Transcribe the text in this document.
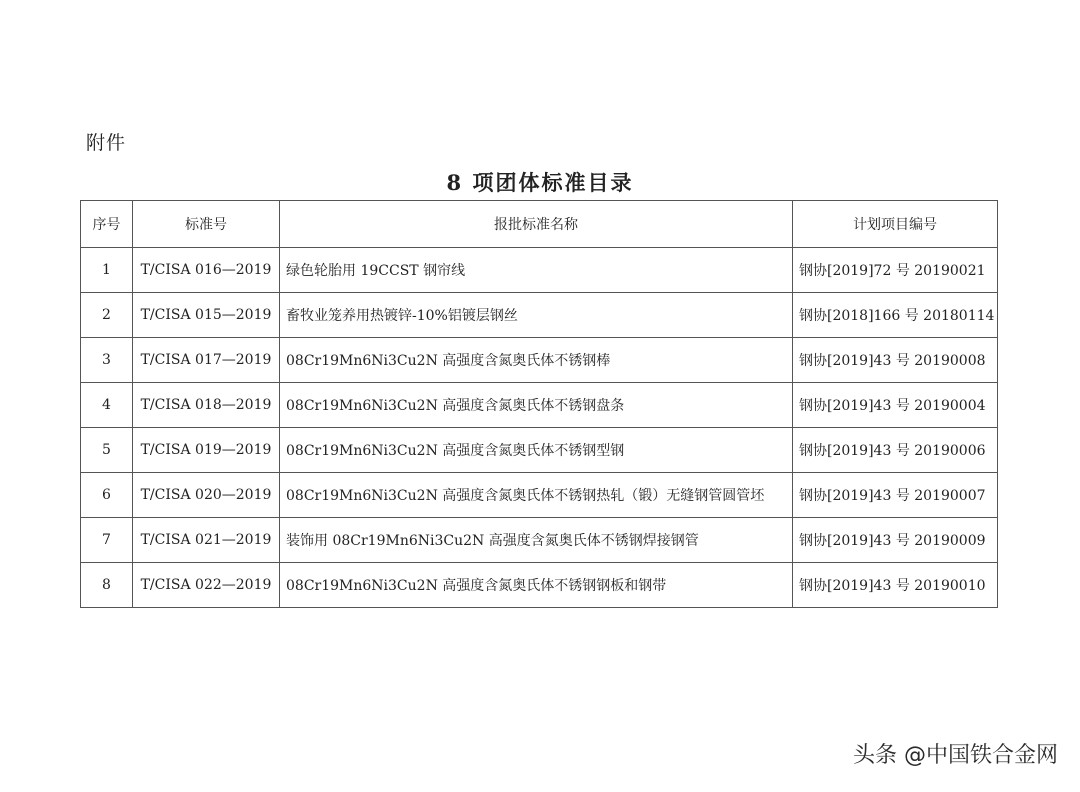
附件
8 项团体标准目录
序号	标准号	报批标准名称	计划项目编号
1	T/CISA 016—2019	绿色轮胎用 19CCST 钢帘线	钢协[2019]72 号 20190021
2	T/CISA 015—2019	畜牧业笼养用热镀锌-10%铝镀层钢丝	钢协[2018]166 号 20180114
3	T/CISA 017—2019	08Cr19Mn6Ni3Cu2N 高强度含氮奥氏体不锈钢棒	钢协[2019]43 号 20190008
4	T/CISA 018—2019	08Cr19Mn6Ni3Cu2N 高强度含氮奥氏体不锈钢盘条	钢协[2019]43 号 20190004
5	T/CISA 019—2019	08Cr19Mn6Ni3Cu2N 高强度含氮奥氏体不锈钢型钢	钢协[2019]43 号 20190006
6	T/CISA 020—2019	08Cr19Mn6Ni3Cu2N 高强度含氮奥氏体不锈钢热轧（锻）无缝钢管圆管坯	钢协[2019]43 号 20190007
7	T/CISA 021—2019	装饰用 08Cr19Mn6Ni3Cu2N 高强度含氮奥氏体不锈钢焊接钢管	钢协[2019]43 号 20190009
8	T/CISA 022—2019	08Cr19Mn6Ni3Cu2N 高强度含氮奥氏体不锈钢钢板和钢带	钢协[2019]43 号 20190010
头条 @中国铁合金网
